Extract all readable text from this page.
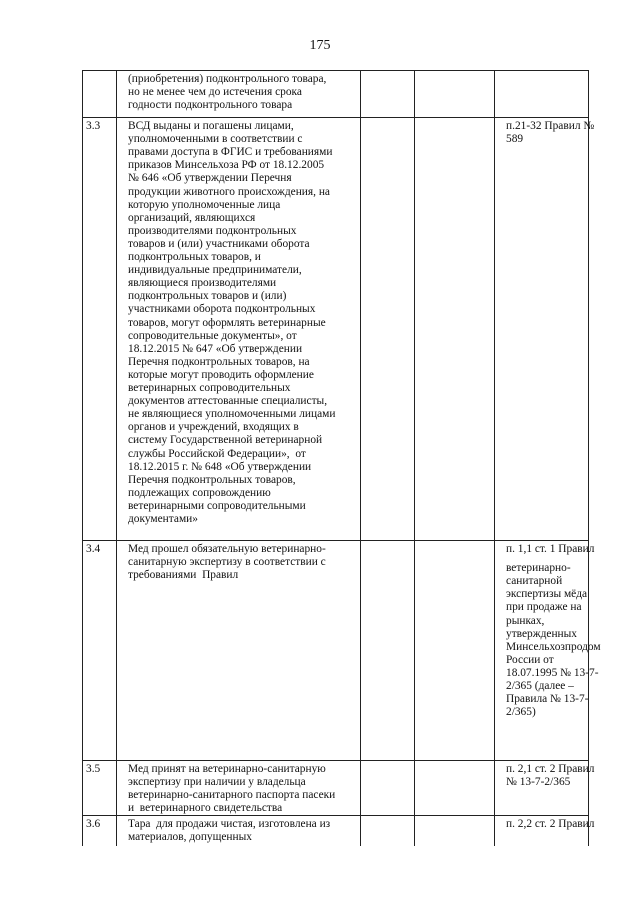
175
(приобретения) подконтрольного товара,
но не менее чем до истечения срока
годности подконтрольного товара
3.3 ВСД выданы и погашены лицами,
уполномоченными в соответствии с
правами доступа в ФГИС и требованиями
приказов Минсельхоза РФ от 18.12.2005
№ 646 «Об утверждении Перечня
продукции животного происхождения, на
которую уполномоченные лица
организаций, являющихся
производителями подконтрольных
товаров и (или) участниками оборота
подконтрольных товаров, и
индивидуальные предприниматели,
являющиеся производителями
подконтрольных товаров и (или)
участниками оборота подконтрольных
товаров, могут оформлять ветеринарные
сопроводительные документы», от
18.12.2015 № 647 «Об утверждении
Перечня подконтрольных товаров, на
которые могут проводить оформление
ветеринарных сопроводительных
документов аттестованные специалисты,
не являющиеся уполномоченными лицами
органов и учреждений, входящих в
систему Государственной ветеринарной
службы Российской Федерации»,  от
18.12.2015 г. № 648 «Об утверждении
Перечня подконтрольных товаров,
подлежащих сопровождению
ветеринарными сопроводительными
документами»
п.21-32 Правил №
589
3.4 Мед прошел обязательную ветеринарно-
санитарную экспертизу в соответствии с
требованиями  Правил
п. 1,1 ст. 1 Правил
ветеринарно-
санитарной
экспертизы мёда
при продаже на
рынках,
утвержденных
Минсельхозпродом
России от
18.07.1995 № 13-7-
2/365 (далее –
Правила № 13-7-
2/365)
3.5 Мед принят на ветеринарно-санитарную
экспертизу при наличии у владельца
ветеринарно-санитарного паспорта пасеки
и  ветеринарного свидетельства
п. 2,1 ст. 2 Правил
№ 13-7-2/365
3.6 Тара  для продажи чистая, изготовлена из
материалов, допущенных
п. 2,2 ст. 2 Правил
